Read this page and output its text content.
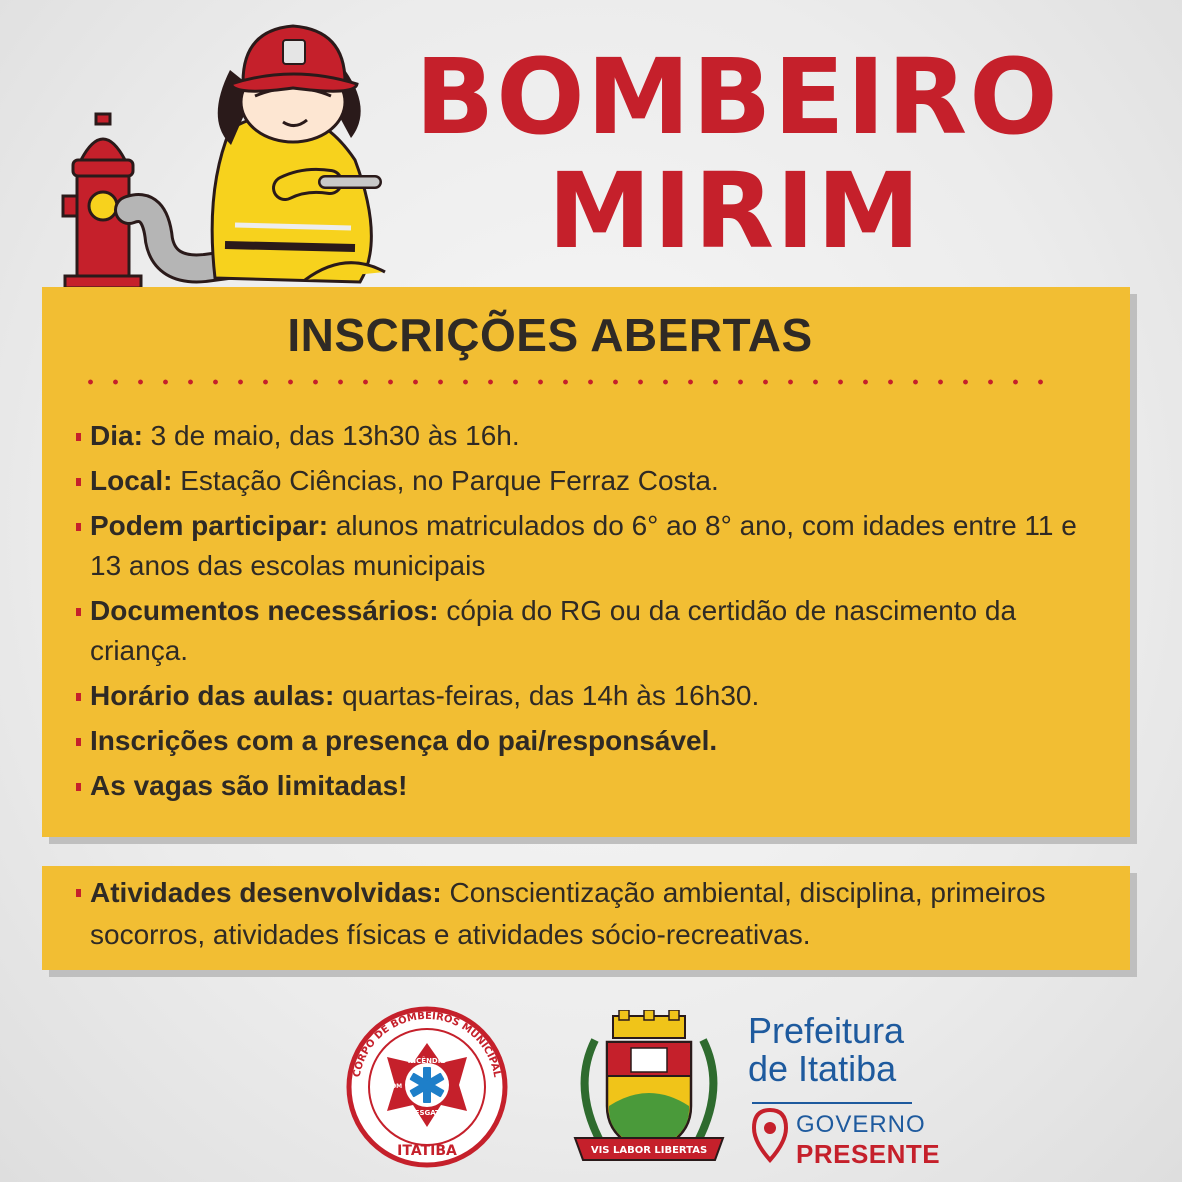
BOMBEIRO
MIRIM
INSCRIÇÕES ABERTAS
Dia: 3 de maio, das 13h30 às 16h.
Local: Estação Ciências, no Parque Ferraz Costa.
Podem participar: alunos matriculados do 6° ao 8° ano, com idades entre 11 e 13 anos das escolas municipais
Documentos necessários: cópia do RG ou da certidão de nascimento da criança.
Horário das aulas: quartas-feiras, das 14h às 16h30.
Inscrições com a presença do pai/responsável.
As vagas são limitadas!
Atividades desenvolvidas: Conscientização ambiental, disciplina, primeiros socorros, atividades físicas e atividades sócio-recreativas.
CORPO DE BOMBEIROS MUNICIPAL
INCÊNDIO
RESGATE
40M
ITATIBA	VIS LABOR LIBERTAS
Prefeitura
de Itatiba
GOVERNO
PRESENTE
